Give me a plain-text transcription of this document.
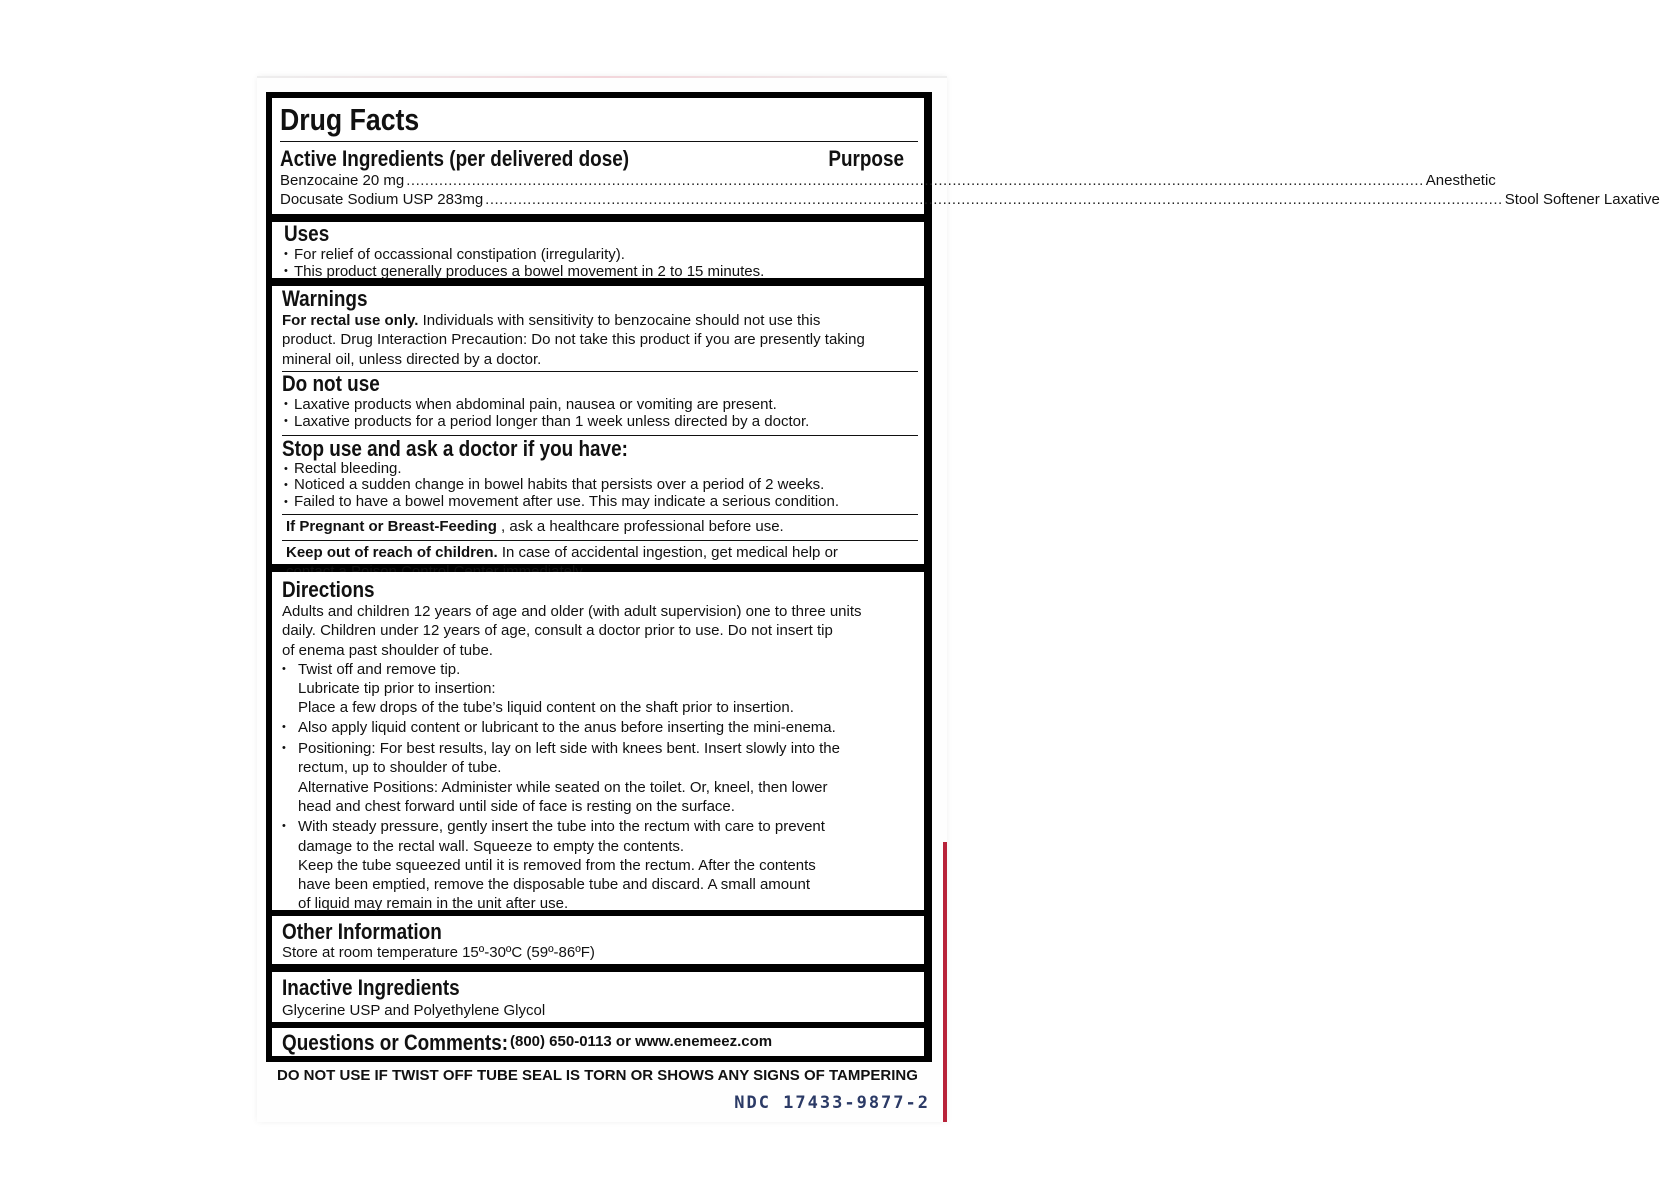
Drug Facts
Active Ingredients (per delivered dose)	Purpose
Benzocaine 20 mg .....	Anesthetic
Docusate Sodium USP 283mg .....	Stool Softener Laxative
Uses
• For relief of occassional constipation (irregularity).
• This product generally produces a bowel movement in 2 to 15 minutes.
Warnings
For rectal use only. Individuals with sensitivity to benzocaine should not use this
product. Drug Interaction Precaution: Do not take this product if you are presently taking
mineral oil, unless directed by a doctor.
Do not use
• Laxative products when abdominal pain, nausea or vomiting are present.
• Laxative products for a period longer than 1 week unless directed by a doctor.
Stop use and ask a doctor if you have:
• Rectal bleeding.
• Noticed a sudden change in bowel habits that persists over a period of 2 weeks.
• Failed to have a bowel movement after use. This may indicate a serious condition.
If Pregnant or Breast-Feeding , ask a healthcare professional before use.
Keep out of reach of children. In case of accidental ingestion, get medical help or
Directions
Adults and children 12 years of age and older (with adult supervision) one to three units
daily. Children under 12 years of age, consult a doctor prior to use. Do not insert tip
of enema past shoulder of tube.
• Twist off and remove tip.
Lubricate tip prior to insertion:
Place a few drops of the tube’s liquid content on the shaft prior to insertion.
• Also apply liquid content or lubricant to the anus before inserting the mini-enema.
• Positioning: For best results, lay on left side with knees bent. Insert slowly into the
rectum, up to shoulder of tube.
Alternative Positions: Administer while seated on the toilet. Or, kneel, then lower
head and chest forward until side of face is resting on the surface.
• With steady pressure, gently insert the tube into the rectum with care to prevent
damage to the rectal wall. Squeeze to empty the contents.
Keep the tube squeezed until it is removed from the rectum. After the contents
have been emptied, remove the disposable tube and discard. A small amount
of liquid may remain in the unit after use.
Other Information
Store at room temperature 15º-30ºC (59º-86ºF)
Inactive Ingredients
Glycerine USP and Polyethylene Glycol
Questions or Comments: (800) 650-0113 or www.enemeez.com
DO NOT USE IF TWIST OFF TUBE SEAL IS TORN OR SHOWS ANY SIGNS OF TAMPERING
NDC 17433-9877-2
